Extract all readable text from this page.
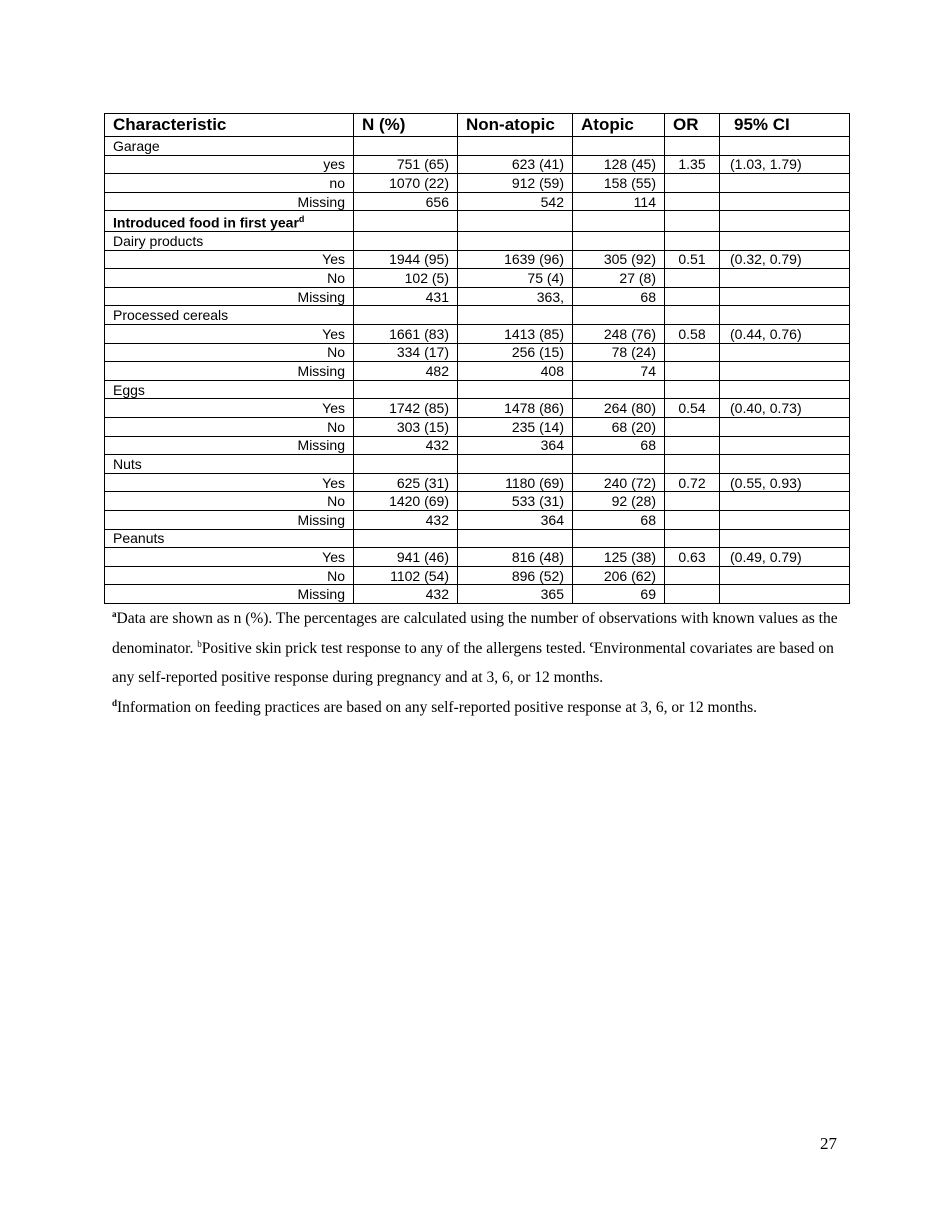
Characteristic	N (%)	Non-atopic	Atopic	OR	95% CI
Garage					
yes	751 (65)	623 (41)	128 (45)	1.35	(1.03, 1.79)
no	1070 (22)	912 (59)	158 (55)		
Missing	656	542	114		
Introduced food in first year$^d$					
Dairy products					
Yes	1944 (95)	1639 (96)	305 (92)	0.51	(0.32, 0.79)
No	102 (5)	75 (4)	27 (8)		
Missing	431	363,	68		
Processed cereals					
Yes	1661 (83)	1413 (85)	248 (76)	0.58	(0.44, 0.76)
No	334 (17)	256 (15)	78 (24)		
Missing	482	408	74		
Eggs					
Yes	1742 (85)	1478 (86)	264 (80)	0.54	(0.40, 0.73)
No	303 (15)	235 (14)	68 (20)		
Missing	432	364	68		
Nuts					
Yes	625 (31)	1180 (69)	240 (72)	0.72	(0.55, 0.93)
No	1420 (69)	533 (31)	92 (28)		
Missing	432	364	68		
Peanuts					
Yes	941 (46)	816 (48)	125 (38)	0.63	(0.49, 0.79)
No	1102 (54)	896 (52)	206 (62)		
Missing	432	365	69		

$^a$Data are shown as n (%). The percentages are calculated using the number of observations with known values as the denominator. $^b$Positive skin prick test response to any of the allergens tested. $^c$Environmental covariates are based on any self-reported positive response during pregnancy and at 3, 6, or 12 months.
$^d$Information on feeding practices are based on any self-reported positive response at 3, 6, or 12 months.

27
